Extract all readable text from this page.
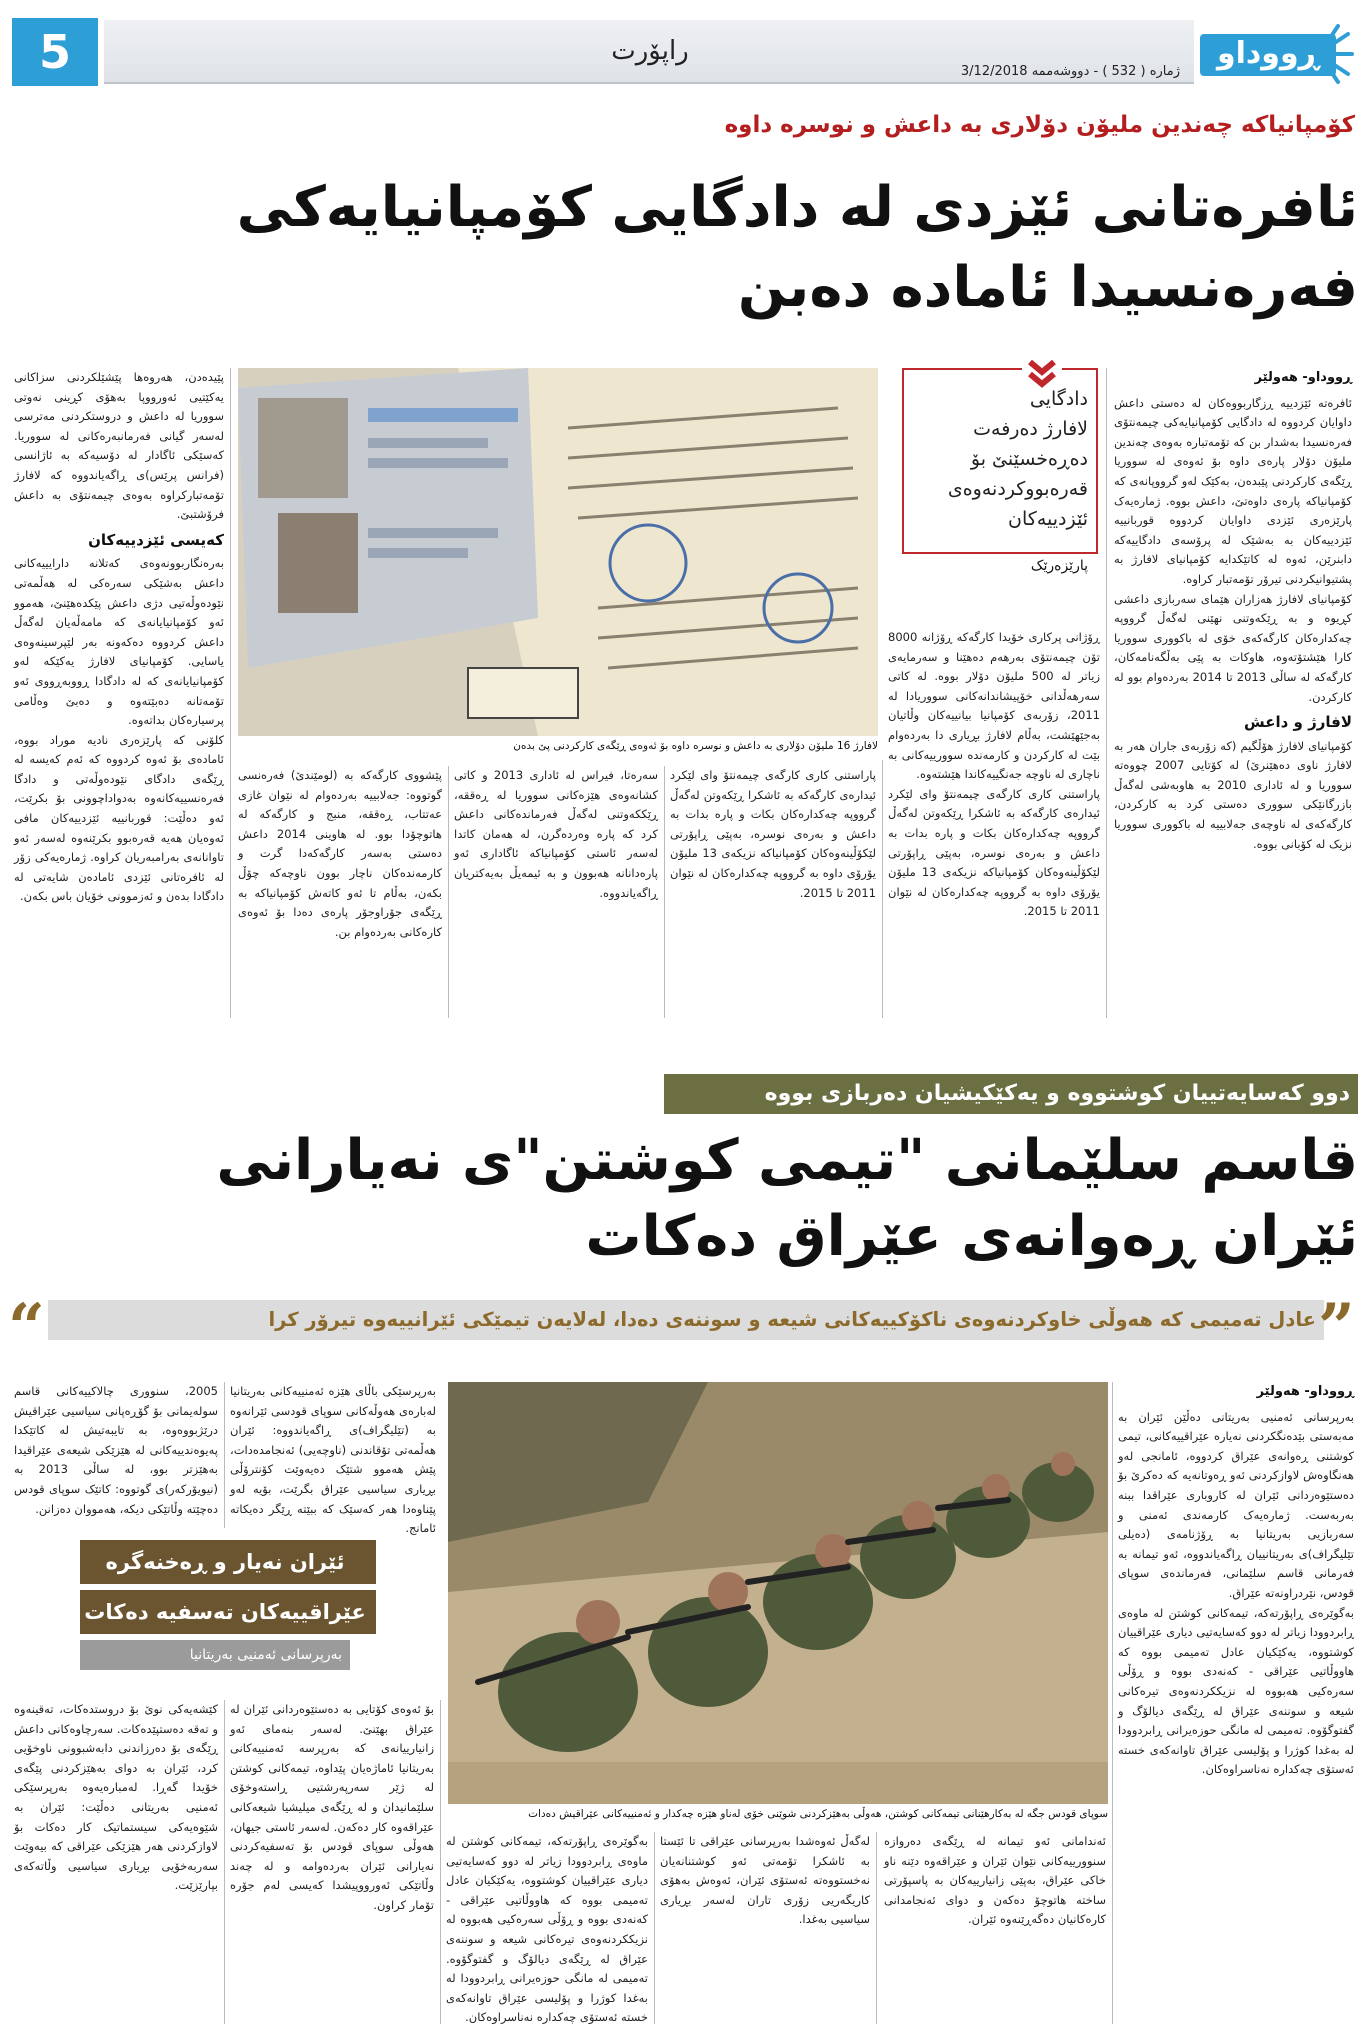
5	راپۆرت
ژماره ( 532 ) - دووشەممە 3/12/2018
ڕووداو
کۆمپانیاکە چەندین ملیۆن دۆلاری بە داعش و نوسرە داوە
ئافرەتانی ئێزدی لە دادگایی کۆمپانیایەکی
فەرەنسیدا ئامادە دەبن
لافارژ 16 ملیۆن دۆلاری بە داعش و نوسرە داوە بۆ ئەوەی ڕێگەی کارکردنی پێ بدەن
دادگایی
لافارژ دەرفەت
دەڕەخسێنێ بۆ
قەرەبووکردنەوەی
ئێزدییەکان
پارێزەرێک
ڕووداو- هەولێر

ئافرەتە ئێزدییە ڕزگاربووەکان لە دەستی داعش داوایان کردووە لە دادگایی کۆمپانیایەکی چیمەنتۆی فەرەنسیدا بەشدار بن کە تۆمەتبارە بەوەی چەندین ملیۆن دۆلار پارەی داوە بۆ ئەوەی لە سووریا ڕێگەی کارکردنی پێبدەن، بەکێک لەو گرووپانەی کە کۆمپانیاکە پارەی داوەتێ، داعش بووە. ژمارەیەک پارێزەری ئێزدی داوایان کردووە قوربانییە ئێزدییەکان بە بەشێک لە پرۆسەی دادگاییەکە دابنرێن، ئەوە لە کاتێکدایە کۆمپانیای لافارژ بە پشتیوانیکردنی تیرۆر تۆمەتبار کراوە.

کۆمپانیای لافارژ هەزاران هێمای سەربازی داعشی کڕیوە و بە ڕێکەوتنی نهێنی لەگەڵ گرووپە چەکدارەکان کارگەکەی خۆی لە باکووری سووریا کارا هێشتۆتەوە، هاوکات بە پێی بەڵگەنامەکان، کارگەکە لە ساڵی 2013 تا 2014 بەردەوام بوو لە کارکردن.

لافارژ و داعش

کۆمپانیای لافارژ هۆڵگیم (کە زۆربەی جاران هەر بە لافارژ ناوی دەهێنرێ) لە کۆتایی 2007 چووەتە سووریا و لە ئاداری 2010 بە هاوبەشی لەگەڵ بازرگانێکی سووری دەستی کرد بە کارکردن، کارگەکەی لە ناوچەی جەلابییە لە باکووری سووریا نزیک لە کۆبانی بووە.

ڕۆژانی پرکاری خۆیدا کارگەکە ڕۆژانە 8000 تۆن چیمەنتۆی بەرهەم دەهێنا و سەرمایەی زیاتر لە 500 ملیۆن دۆلار بووە. لە کاتی سەرهەڵدانی خۆپیشاندانەکانی سووریادا لە 2011، زۆربەی کۆمپانیا بیانییەکان وڵاتیان بەجێهێشت، بەڵام لافارژ بڕیاری دا بەردەوام بێت لە کارکردن و کارمەندە سوورییەکانی بە ناچاری لە ناوچە جەنگییەکاندا هێشتەوە.

پاراستنی کاری کارگەی چیمەنتۆ وای لێکرد ئیدارەی کارگەکە بە ئاشکرا ڕێکەوتن لەگەڵ گرووپە چەکدارەکان بکات و پارە بدات بە داعش و بەرەی نوسرە، بەپێی ڕاپۆرتی لێکۆڵینەوەکان کۆمپانیاکە نزیکەی 13 ملیۆن یۆرۆی داوە بە گرووپە چەکدارەکان لە نێوان 2011 تا 2015.

پاراستنی کاری کارگەی چیمەنتۆ وای لێکرد ئیدارەی کارگەکە بە ئاشکرا ڕێکەوتن لەگەڵ گرووپە چەکدارەکان بکات و پارە بدات بە داعش و بەرەی نوسرە، بەپێی ڕاپۆرتی لێکۆڵینەوەکان کۆمپانیاکە نزیکەی 13 ملیۆن یۆرۆی داوە بە گرووپە چەکدارەکان لە نێوان 2011 تا 2015.

سەرەتا، فیراس لە ئاداری 2013 و کاتی کشانەوەی هێزەکانی سووریا لە ڕەققە، ڕێککەوتنی لەگەڵ فەرماندەکانی داعش کرد کە پارە وەردەگرن، لە هەمان کاتدا لەسەر ئاستی کۆمپانیاکە ئاگاداری ئەو پارەدانانە هەبوون و بە ئیمەیڵ بەیەکتریان ڕاگەیاندووە.

پێشووی کارگەکە بە (لومێندێ) فەرەنسی گوتووە: جەلابییە بەردەوام لە نێوان غازی عەتتاب، ڕەققە، منبج و کارگەکە لە هاتوچۆدا بوو. لە هاوینی 2014 داعش دەستی بەسەر کارگەکەدا گرت و کارمەندەکان ناچار بوون ناوچەکە چۆڵ بکەن، بەڵام تا ئەو کاتەش کۆمپانیاکە بە ڕێگەی جۆراوجۆر پارەی دەدا بۆ ئەوەی کارەکانی بەردەوام بن.

پێیدەدن، هەروەها پێشێلکردنی سزاکانی یەکێتیی ئەورووپا بەهۆی کڕینی نەوتی سووریا لە داعش و دروستکردنی مەترسی لەسەر گیانی فەرمانبەرەکانی لە سووریا. کەسێکی ئاگادار لە دۆسیەکە بە ئاژانسی (فرانس پرێس)ی ڕاگەیاندووە کە لافارژ تۆمەتبارکراوە بەوەی چیمەنتۆی بە داعش فرۆشتبێ.

کەیسی ئێزدییەکان

بەرەنگاربوونەوەی کەتلانە دارایییەکانی داعش بەشێکی سەرەکی لە هەڵمەتی نێودەوڵەتیی دژی داعش پێکدەهێنێ، هەموو ئەو کۆمپانیایانەی کە مامەڵەیان لەگەڵ داعش کردووە دەکەونە بەر لێپرسینەوەی یاسایی. کۆمپانیای لافارژ یەکێکە لەو کۆمپانیایانەی کە لە دادگادا ڕووبەڕووی ئەو تۆمەتانە دەبێتەوە و دەبێ وەڵامی پرسیارەکان بداتەوە.

کلۆنی کە پارێزەری نادیە موراد بووە، ئامادەی بۆ ئەوە کردووە کە ئەم کەیسە لە ڕێگەی دادگای نێودەوڵەتی و دادگا فەرەنسییەکانەوە بەدواداچوونی بۆ بکرێت، ئەو دەڵێت: قوربانییە ئێزدییەکان مافی ئەوەیان هەیە قەرەبوو بکرێنەوە لەسەر ئەو تاوانانەی بەرامبەریان کراوە. ژمارەیەکی زۆر لە ئافرەتانی ئێزدی ئامادەن شایەتی لە دادگادا بدەن و ئەزموونی خۆیان باس بکەن.

دوو کەسایەتیيان کوشتووە و یەکێکیشیان دەربازی بووە
قاسم سلێمانی "تیمی کوشتن"ی نەیارانی
ئێران ڕەوانەی عێراق دەکات
”
“	عادل تەمیمی کە هەوڵی خاوکردنەوەی ناکۆکییەکانی شیعە و سوننەی دەدا، لەلایەن تیمێکی ئێرانییەوە تیرۆر کرا
سوپای قودس جگە لە بەکارهێنانی تیمەکانی کوشتن، هەوڵی بەهێزکردنی شوێنی خۆی لەناو هێزە چەکدار و ئەمنییەکانی عێراقیش دەدات
ئێران نەیار و ڕەخنەگرە
عێراقییەکان تەسفیە دەکات
بەرپرسانی ئەمنیی بەریتانیا
ڕووداو- هەولێر

بەرپرسانی ئەمنیی بەریتانی دەڵێن ئێران بە مەبەستی بێدەنگکردنی نەیارە عێراقییەکانی، تیمی کوشتنی ڕەوانەی عێراق کردووە، ئامانجی لەو هەنگاوەش لاوازکردنی ئەو ڕەوتانەیە کە دەکرێ بۆ دەستێوەردانی ئێران لە کاروباری عێراقدا ببنە بەربەست. ژمارەیەک کارمەندی ئەمنی و سەربازیی بەریتانیا بە ڕۆژنامەی (دەیلی تێلیگراف)ی بەریتانییان ڕاگەیاندووە، ئەو تیمانە بە فەرمانی قاسم سلێمانی، فەرماندەی سوپای قودس، نێردراونەتە عێراق.

بەگوێرەی ڕاپۆرتەکە، تیمەکانی کوشتن لە ماوەی ڕابردوودا زیاتر لە دوو کەسایەتیی دیاری عێراقییان کوشتووە، یەکێکیان عادل تەمیمی بووە کە هاووڵاتیی عێراقی - کەنەدی بووە و ڕۆڵی سەرەکیی هەبووە لە نزیککردنەوەی تیرەکانی شیعە و سوننەی عێراق لە ڕێگەی دیالۆگ و گفتوگۆوە. تەمیمی لە مانگی حوزەیرانی ڕابردوودا لە بەغدا کوژرا و پۆلیسی عێراق تاوانەکەی خستە ئەستۆی چەکدارە نەناسراوەکان.

بەرپرسێکی باڵای هێزە ئەمنییەکانی بەریتانیا لەبارەی هەوڵەکانی سوپای قودسی ئێرانەوە بە (تێلیگراف)ی ڕاگەیاندووە: ئێران هەڵمەتی تۆقاندنی (ناوچەیی) ئەنجامدەدات، پێش هەموو شتێک دەیەوێت کۆنترۆڵی بڕیاری سیاسیی عێراق بگرێت، بۆیە لەو پێناوەدا هەر کەسێک کە ببێتە ڕێگر دەیکاتە ئامانج.

2005، سنووری چالاکییەکانی قاسم سولەیمانی بۆ گۆڕەپانی سیاسیی عێراقیش درێژبووەوە، بە تایبەتیش لە کاتێکدا پەیوەندییەکانی لە هێزێکی شیعەی عێراقیدا بەهێزتر بوو، لە ساڵی 2013 بە (نیویۆرکەر)ی گوتووە: کاتێک سوپای قودس دەچێتە وڵاتێکی دیکە، هەمووان دەزانن.

ئەندامانی ئەو تیمانە لە ڕێگەی دەروازە سنوورییەکانی نێوان ئێران و عێراقەوە دێنە ناو خاکی عێراق، بەپێی زانیارییەکان بە پاسپۆرتی ساختە هاتوچۆ دەکەن و دوای ئەنجامدانی کارەکانیان دەگەڕێنەوە ئێران.

لەگەڵ ئەوەشدا بەرپرسانی عێراقی تا ئێستا بە ئاشکرا تۆمەتی ئەو کوشتنانەیان نەخستووەتە ئەستۆی ئێران، ئەوەش بەهۆی کاریگەریی زۆری تاران لەسەر بڕیاری سیاسیی بەغدا.

بەگوێرەی ڕاپۆرتەکە، تیمەکانی کوشتن لە ماوەی ڕابردوودا زیاتر لە دوو کەسایەتیی دیاری عێراقییان کوشتووە، یەکێکیان عادل تەمیمی بووە کە هاووڵاتیی عێراقی - کەنەدی بووە و ڕۆڵی سەرەکیی هەبووە لە نزیککردنەوەی تیرەکانی شیعە و سوننەی عێراق لە ڕێگەی دیالۆگ و گفتوگۆوە. تەمیمی لە مانگی حوزەیرانی ڕابردوودا لە بەغدا کوژرا و پۆلیسی عێراق تاوانەکەی خستە ئەستۆی چەکدارە نەناسراوەکان.

بۆ ئەوەی کۆتایی بە دەستێوەردانی ئێران لە عێراق بهێنێ. لەسەر بنەمای ئەو زانیارییانەی کە بەرپرسە ئەمنییەکانی بەریتانیا ئاماژەیان پێداوە، تیمەکانی کوشتن لە ژێر سەرپەرشتیی ڕاستەوخۆی سلێمانیدان و لە ڕێگەی میلیشیا شیعەکانی عێراقەوە کار دەکەن. لەسەر ئاستی جیهان، هەوڵی سوپای قودس بۆ تەسفیەکردنی نەیارانی ئێران بەردەوامە و لە چەند وڵاتێکی ئەورووپیشدا کەیسی لەم جۆرە تۆمار کراون.

کێشەیەکی نوێ بۆ دروستدەکات، تەقینەوە و تەقە دەستپێدەکات. سەرچاوەکانی داعش ڕێگەی بۆ دەرزاندنی دابەشبوونی ناوخۆیی کرد، ئێران بە دوای بەهێزکردنی پێگەی خۆیدا گەڕا. لەمبارەیەوە بەرپرسێکی ئەمنیی بەریتانی دەڵێت: ئێران بە شێوەیەکی سیستماتیک کار دەکات بۆ لاوازکردنی هەر هێزێکی عێراقی کە بیەوێت سەربەخۆیی بڕیاری سیاسیی وڵاتەکەی بپارێزێت.
